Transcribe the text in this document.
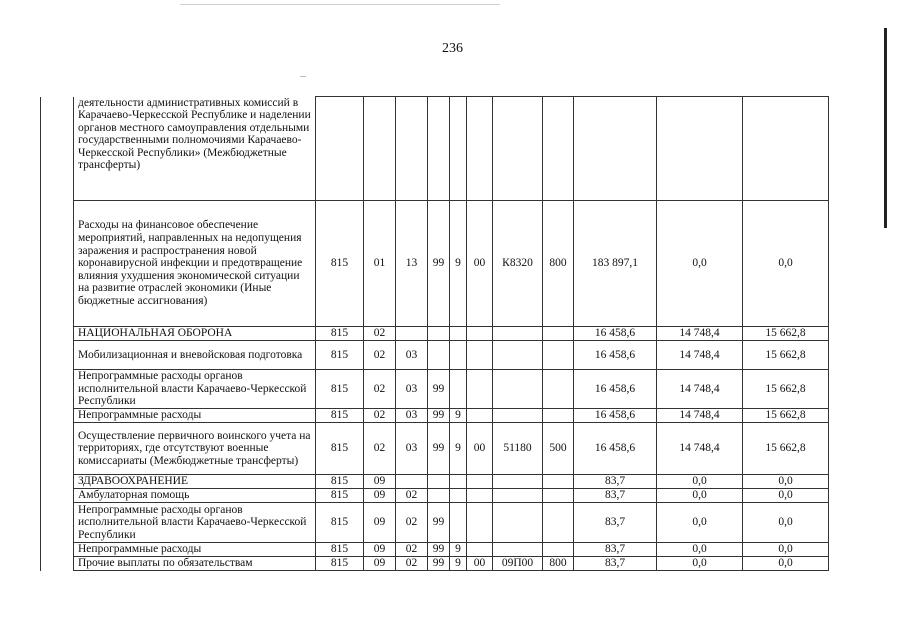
236
	деятельности административных комиссий в Карачаево-Черкесской Республике и наделении органов местного самоуправления отдельными государственными полномочиями Карачаево-Черкесской Республики» (Межбюджетные трансферты)											
	Расходы на финансовое обеспечение мероприятий, направленных на недопущения заражения и распространения новой коронавирусной инфекции и предотвращение влияния ухудшения экономической ситуации на развитие отраслей экономики (Иные бюджетные ассигнования)	815	01	13	99	9	00	К8320	800	183 897,1	0,0	0,0
	НАЦИОНАЛЬНАЯ ОБОРОНА	815	02							16 458,6	14 748,4	15 662,8
	Мобилизационная и вневойсковая подготовка	815	02	03						16 458,6	14 748,4	15 662,8
	Непрограммные расходы органов исполнительной власти Карачаево-Черкесской Республики	815	02	03	99					16 458,6	14 748,4	15 662,8
	Непрограммные расходы	815	02	03	99	9				16 458,6	14 748,4	15 662,8
	Осуществление первичного воинского учета на территориях, где отсутствуют военные комиссариаты (Межбюджетные трансферты)	815	02	03	99	9	00	51180	500	16 458,6	14 748,4	15 662,8
	ЗДРАВООХРАНЕНИЕ	815	09							83,7	0,0	0,0
	Амбулаторная помощь	815	09	02						83,7	0,0	0,0
	Непрограммные расходы органов исполнительной власти Карачаево-Черкесской Республики	815	09	02	99					83,7	0,0	0,0
	Непрограммные расходы	815	09	02	99	9				83,7	0,0	0,0
	Прочие выплаты по обязательствам	815	09	02	99	9	00	09П00	800	83,7	0,0	0,0
